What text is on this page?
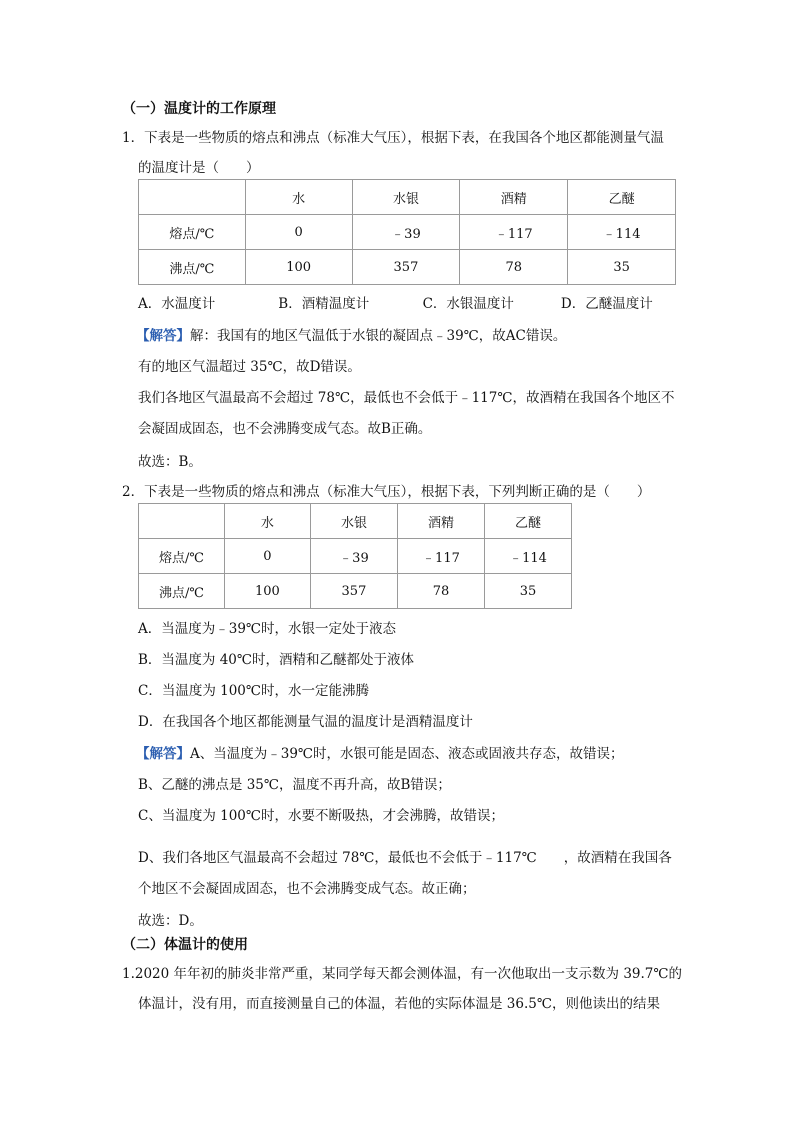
（一）温度计的工作原理
1．下表是一些物质的熔点和沸点（标准大气压），根据下表，在我国各个地区都能测量气温
的温度计是（　　）
	水	水银	酒精	乙醚
熔点/℃	0	﹣39	﹣117	﹣114
沸点/℃	100	357	78	35
A．水温度计	B．酒精温度计	C．水银温度计	D．乙醚温度计
【解答】解：我国有的地区气温低于水银的凝固点﹣39℃，故AC错误。
有的地区气温超过 35℃，故D错误。
我们各地区气温最高不会超过 78℃，最低也不会低于﹣117℃，故酒精在我国各个地区不
会凝固成固态，也不会沸腾变成气态。故B正确。
故选：B。
2．下表是一些物质的熔点和沸点（标准大气压），根据下表，下列判断正确的是（　　）
	水	水银	酒精	乙醚
熔点/℃	0	﹣39	﹣117	﹣114
沸点/℃	100	357	78	35
A．当温度为﹣39℃时，水银一定处于液态
B．当温度为 40℃时，酒精和乙醚都处于液体
C．当温度为 100℃时，水一定能沸腾
D．在我国各个地区都能测量气温的温度计是酒精温度计
【解答】A、当温度为﹣39℃时，水银可能是固态、液态或固液共存态，故错误；
B、乙醚的沸点是 35℃，温度不再升高，故B错误；
C、当温度为 100℃时，水要不断吸热，才会沸腾，故错误；
D、我们各地区气温最高不会超过 78℃，最低也不会低于﹣117℃　　，故酒精在我国各
个地区不会凝固成固态，也不会沸腾变成气态。故正确；
故选：D。
（二）体温计的使用
1.2020 年年初的肺炎非常严重，某同学每天都会测体温，有一次他取出一支示数为 39.7℃的
体温计，没有用，而直接测量自己的体温，若他的实际体温是 36.5℃，则他读出的结果
